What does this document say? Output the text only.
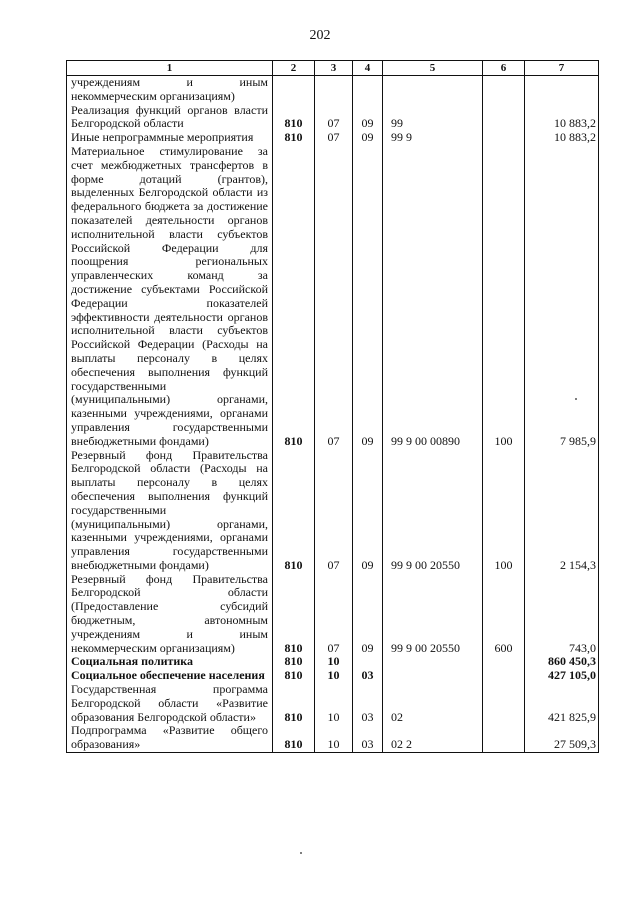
202
1	2	3	4	5	6	7
учреждениям и иным некоммерческим организациям)						
Реализация функций органов власти Белгородской области	810	07	09	99		10 883,2
Иные непрограммные мероприятия	810	07	09	99 9		10 883,2
Материальное стимулирование за счет межбюджетных трансфертов в форме дотаций (грантов), выделенных Белгородской области из федерального бюджета за достижение показателей деятельности органов исполнительной власти субъектов Российской Федерации для поощрения региональных управленческих команд за достижение субъектами Российской Федерации показателей эффективности деятельности органов исполнительной власти субъектов Российской Федерации (Расходы на выплаты персоналу в целях обеспечения выполнения функций государственными (муниципальными) органами, казенными учреждениями, органами управления государственными внебюджетными фондами)	810	07	09	99 9 00 00890	100	7 985,9
Резервный фонд Правительства Белгородской области (Расходы на выплаты персоналу в целях обеспечения выполнения функций государственными (муниципальными) органами, казенными учреждениями, органами управления государственными внебюджетными фондами)	810	07	09	99 9 00 20550	100	2 154,3
Резервный фонд Правительства Белгородской области (Предоставление субсидий бюджетным, автономным учреждениям и иным некоммерческим организациям)	810	07	09	99 9 00 20550	600	743,0
Социальная политика	810	10				860 450,3
Социальное обеспечение населения	810	10	03			427 105,0
Государственная программа Белгородской области «Развитие образования Белгородской области»	810	10	03	02		421 825,9
Подпрограмма «Развитие общего образования»	810	10	03	02 2		27 509,3
